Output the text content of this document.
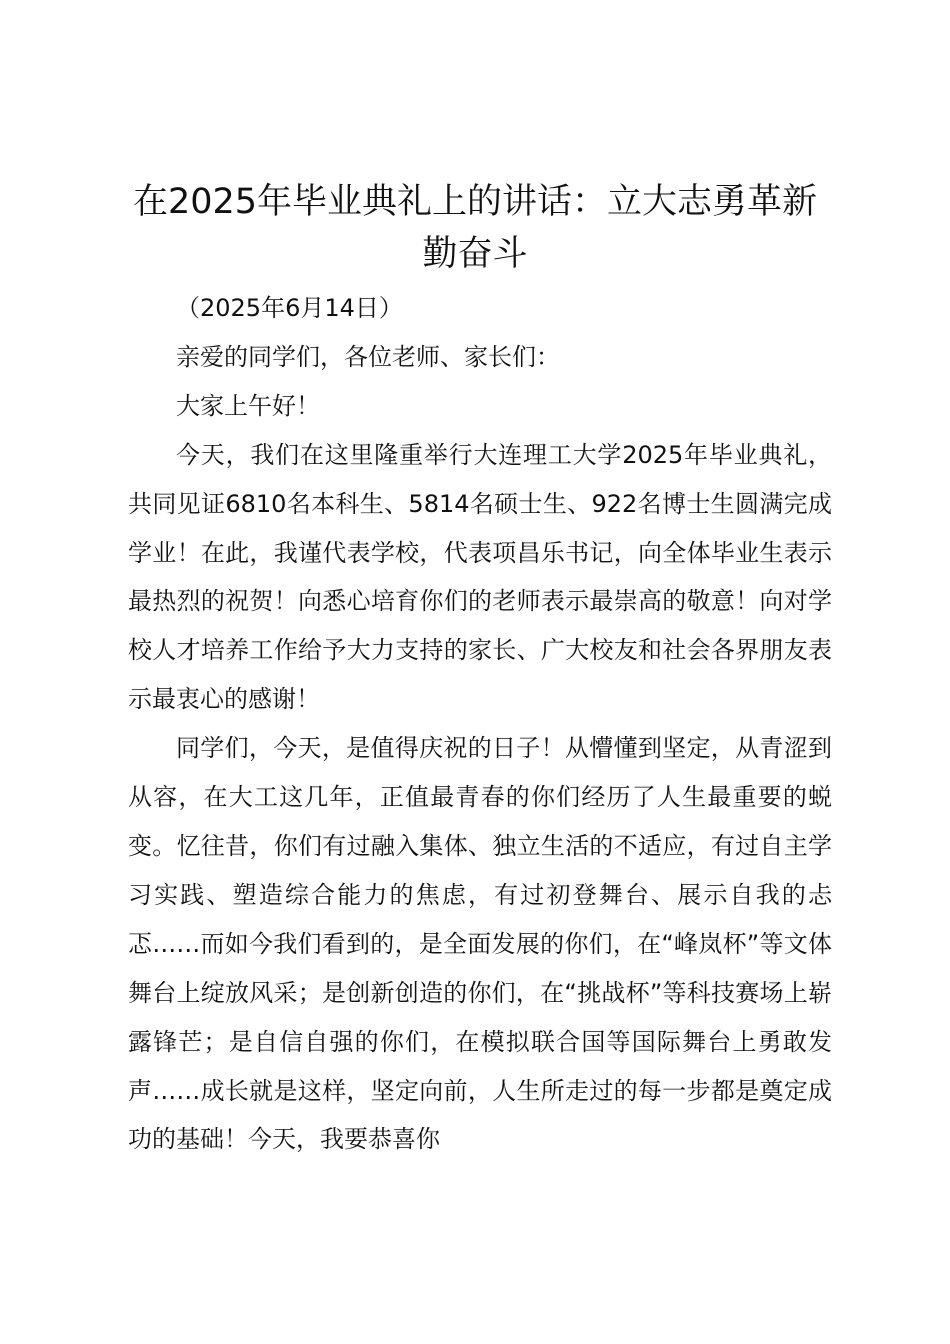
在2025年毕业典礼上的讲话：立大志勇革新勤奋斗

（2025年6月14日）

亲爱的同学们，各位老师、家长们：

大家上午好！

今天，我们在这里隆重举行大连理工大学2025年毕业典礼，共同见证6810名本科生、5814名硕士生、922名博士生圆满完成学业！在此，我谨代表学校，代表项昌乐书记，向全体毕业生表示最热烈的祝贺！向悉心培育你们的老师表示最崇高的敬意！向对学校人才培养工作给予大力支持的家长、广大校友和社会各界朋友表示最衷心的感谢！

同学们，今天，是值得庆祝的日子！从懵懂到坚定，从青涩到从容，在大工这几年，正值最青春的你们经历了人生最重要的蜕变。忆往昔，你们有过融入集体、独立生活的不适应，有过自主学习实践、塑造综合能力的焦虑，有过初登舞台、展示自我的忐忑……而如今我们看到的，是全面发展的你们，在“峰岚杯”等文体舞台上绽放风采；是创新创造的你们，在“挑战杯”等科技赛场上崭露锋芒；是自信自强的你们，在模拟联合国等国际舞台上勇敢发声……成长就是这样，坚定向前，人生所走过的每一步都是奠定成功的基础！今天，我要恭喜你
